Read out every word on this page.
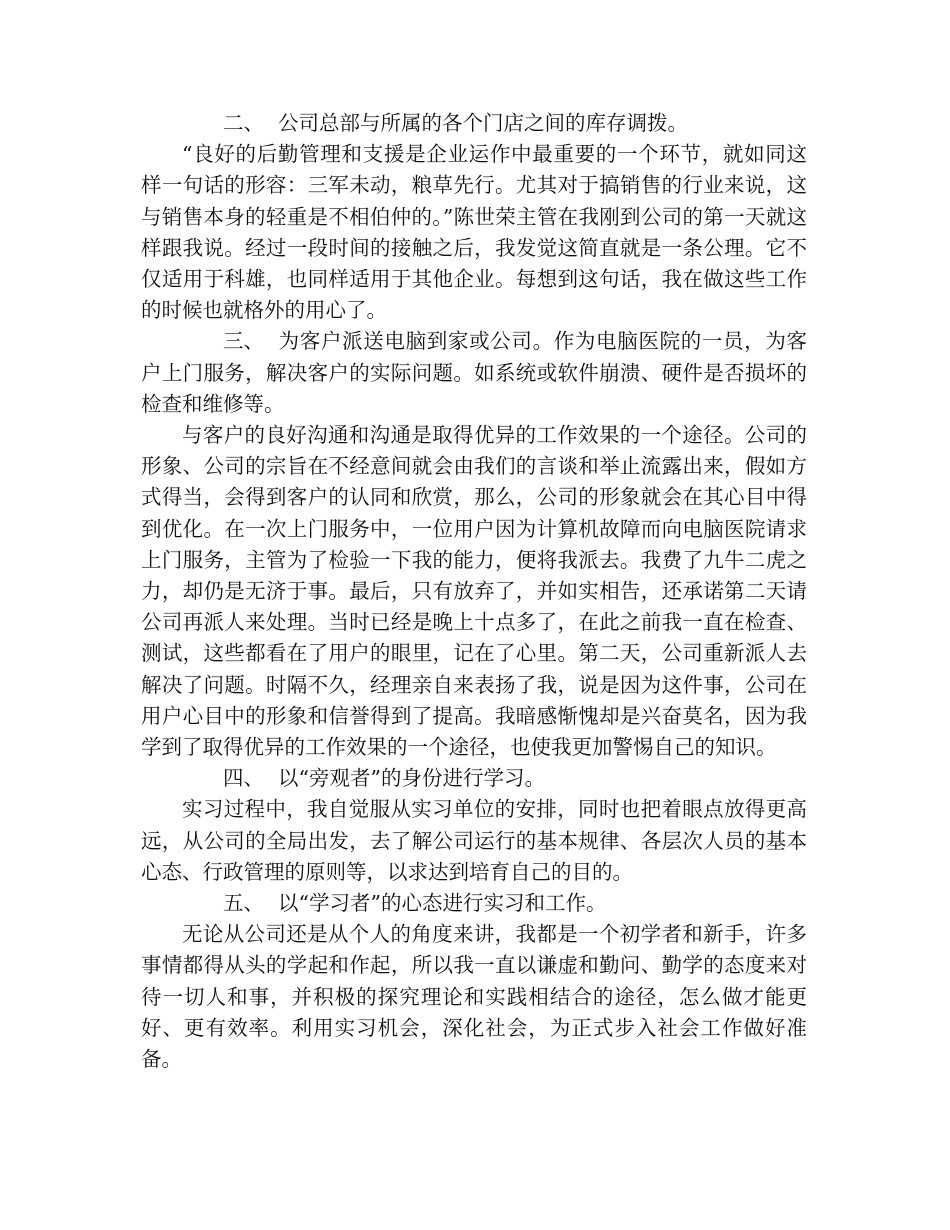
二、 公司总部与所属的各个门店之间的库存调拨。

“良好的后勤管理和支援是企业运作中最重要的一个环节，就如同这样一句话的形容：三军未动，粮草先行。尤其对于搞销售的行业来说，这与销售本身的轻重是不相伯仲的。”陈世荣主管在我刚到公司的第一天就这样跟我说。经过一段时间的接触之后，我发觉这简直就是一条公理。它不仅适用于科雄，也同样适用于其他企业。每想到这句话，我在做这些工作的时候也就格外的用心了。

三、 为客户派送电脑到家或公司。作为电脑医院的一员，为客户上门服务，解决客户的实际问题。如系统或软件崩溃、硬件是否损坏的检查和维修等。

与客户的良好沟通和沟通是取得优异的工作效果的一个途径。公司的形象、公司的宗旨在不经意间就会由我们的言谈和举止流露出来，假如方式得当，会得到客户的认同和欣赏，那么，公司的形象就会在其心目中得到优化。在一次上门服务中，一位用户因为计算机故障而向电脑医院请求上门服务，主管为了检验一下我的能力，便将我派去。我费了九牛二虎之力，却仍是无济于事。最后，只有放弃了，并如实相告，还承诺第二天请公司再派人来处理。当时已经是晚上十点多了，在此之前我一直在检查、测试，这些都看在了用户的眼里，记在了心里。第二天，公司重新派人去解决了问题。时隔不久，经理亲自来表扬了我，说是因为这件事，公司在用户心目中的形象和信誉得到了提高。我暗感惭愧却是兴奋莫名，因为我学到了取得优异的工作效果的一个途径，也使我更加警惕自己的知识。

四、 以“旁观者”的身份进行学习。

实习过程中，我自觉服从实习单位的安排，同时也把着眼点放得更高远，从公司的全局出发，去了解公司运行的基本规律、各层次人员的基本心态、行政管理的原则等，以求达到培育自己的目的。

五、 以“学习者”的心态进行实习和工作。

无论从公司还是从个人的角度来讲，我都是一个初学者和新手，许多事情都得从头的学起和作起，所以我一直以谦虚和勤问、勤学的态度来对待一切人和事，并积极的探究理论和实践相结合的途径，怎么做才能更好、更有效率。利用实习机会，深化社会，为正式步入社会工作做好准备。
